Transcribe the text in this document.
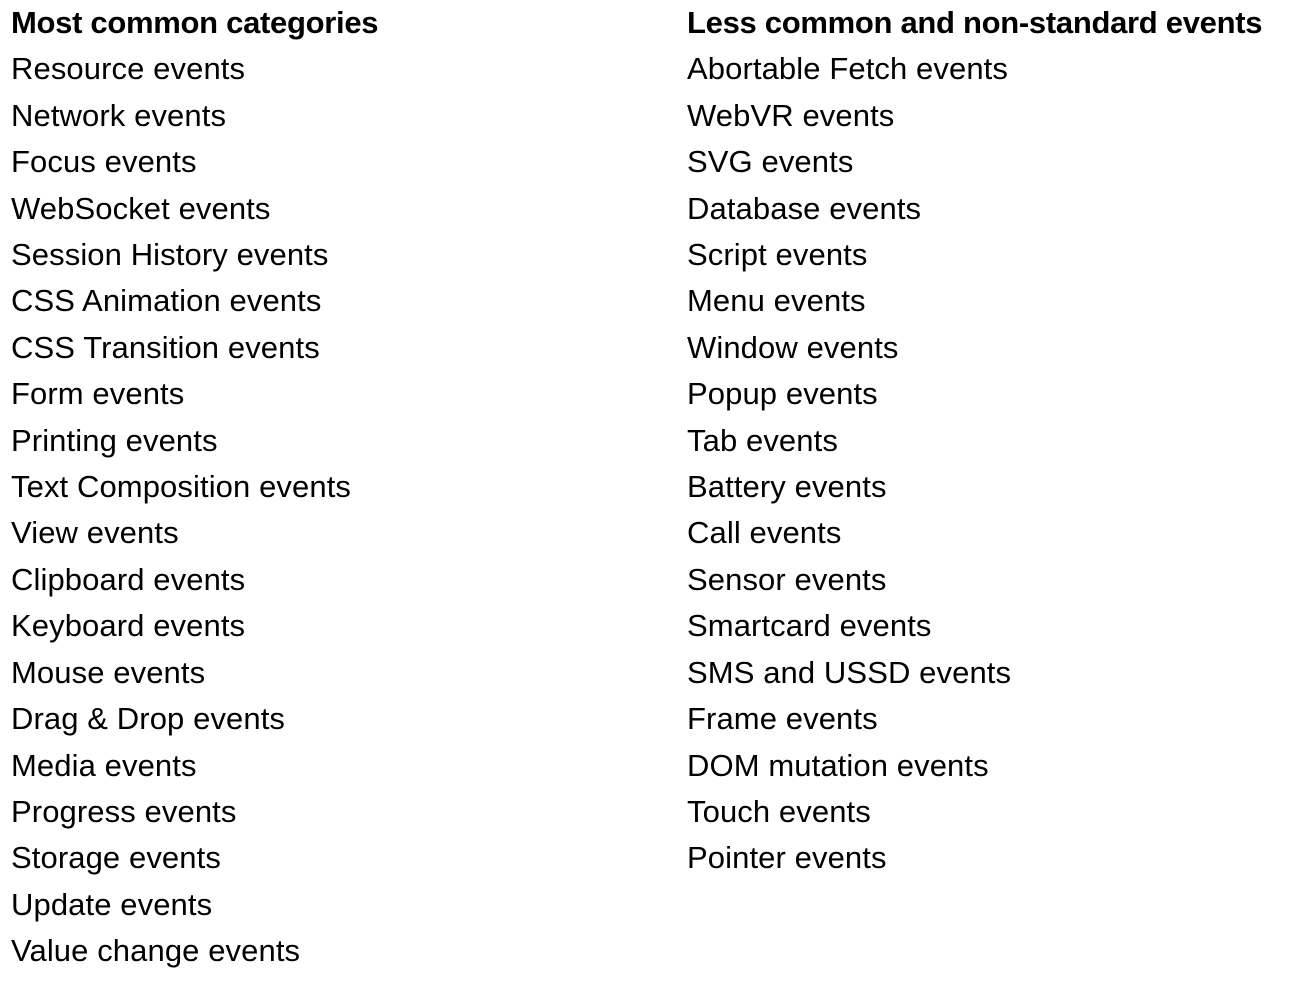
Most common categories
Resource events
Network events
Focus events
WebSocket events
Session History events
CSS Animation events
CSS Transition events
Form events
Printing events
Text Composition events
View events
Clipboard events
Keyboard events
Mouse events
Drag & Drop events
Media events
Progress events
Storage events
Update events
Value change events
Less common and non-standard events
Abortable Fetch events
WebVR events
SVG events
Database events
Script events
Menu events
Window events
Popup events
Tab events
Battery events
Call events
Sensor events
Smartcard events
SMS and USSD events
Frame events
DOM mutation events
Touch events
Pointer events
